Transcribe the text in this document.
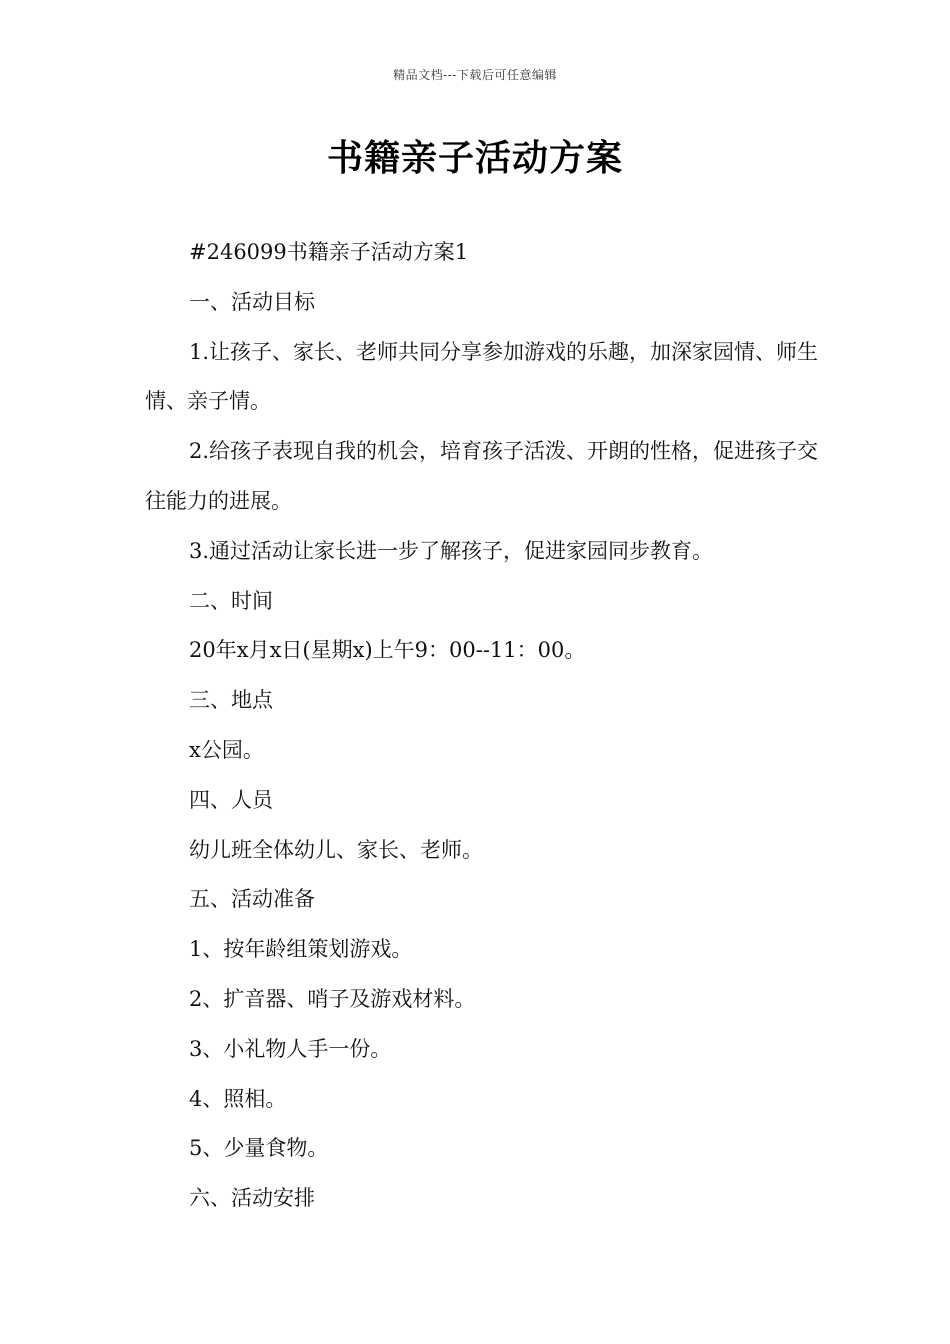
精品文档---下载后可任意编辑
书籍亲子活动方案

#246099书籍亲子活动方案1

一、活动目标

1.让孩子、家长、老师共同分享参加游戏的乐趣，加深家园情、师生情、亲子情。

2.给孩子表现自我的机会，培育孩子活泼、开朗的性格，促进孩子交往能力的进展。

3.通过活动让家长进一步了解孩子，促进家园同步教育。

二、时间

20年x月x日(星期x)上午9：00--11：00。

三、地点

x公园。

四、人员

幼儿班全体幼儿、家长、老师。

五、活动准备

1、按年龄组策划游戏。

2、扩音器、哨子及游戏材料。

3、小礼物人手一份。

4、照相。

5、少量食物。

六、活动安排
